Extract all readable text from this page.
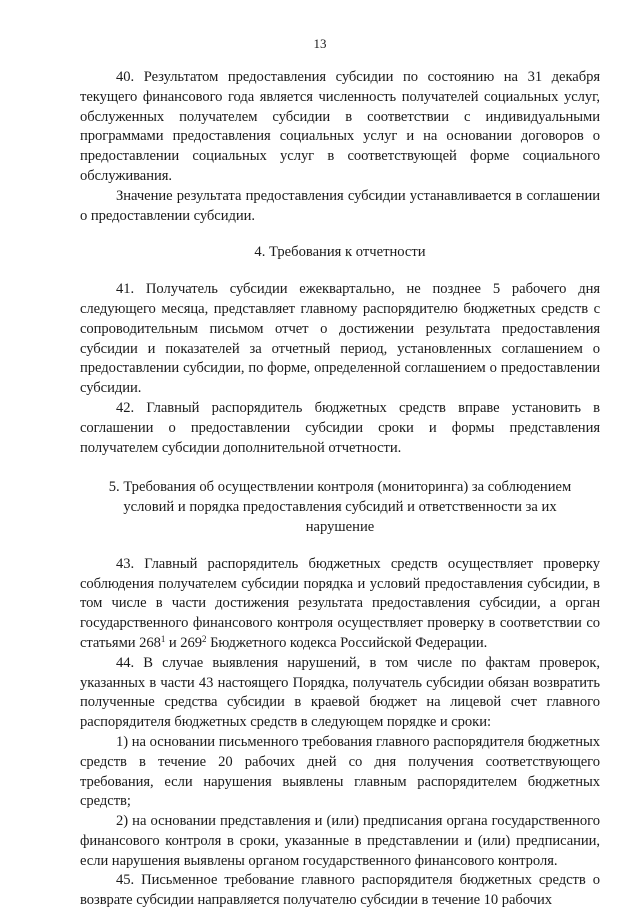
13

40. Результатом предоставления субсидии по состоянию на 31 декабря текущего финансового года является численность получателей социальных услуг, обслуженных получателем субсидии в соответствии с индивидуальными программами предоставления социальных услуг и на основании договоров о предоставлении социальных услуг в соответствующей форме социального обслуживания.

Значение результата предоставления субсидии устанавливается в соглашении о предоставлении субсидии.

4. Требования к отчетности

41. Получатель субсидии ежеквартально, не позднее 5 рабочего дня следующего месяца, представляет главному распорядителю бюджетных средств с сопроводительным письмом отчет о достижении результата предоставления субсидии и показателей за отчетный период, установленных соглашением о предоставлении субсидии, по форме, определенной соглашением о предоставлении субсидии.

42. Главный распорядитель бюджетных средств вправе установить в соглашении о предоставлении субсидии сроки и формы представления получателем субсидии дополнительной отчетности.

5. Требования об осуществлении контроля (мониторинга) за соблюдением условий и порядка предоставления субсидий и ответственности за их нарушение

43. Главный распорядитель бюджетных средств осуществляет проверку соблюдения получателем субсидии порядка и условий предоставления субсидии, в том числе в части достижения результата предоставления субсидии, а орган государственного финансового контроля осуществляет проверку в соответствии со статьями $268^1$ и $269^2$ Бюджетного кодекса Российской Федерации.

44. В случае выявления нарушений, в том числе по фактам проверок, указанных в части 43 настоящего Порядка, получатель субсидии обязан возвратить полученные средства субсидии в краевой бюджет на лицевой счет главного распорядителя бюджетных средств в следующем порядке и сроки:

1) на основании письменного требования главного распорядителя бюджетных средств в течение 20 рабочих дней со дня получения соответствующего требования, если нарушения выявлены главным распорядителем бюджетных средств;

2) на основании представления и (или) предписания органа государственного финансового контроля в сроки, указанные в представлении и (или) предписании, если нарушения выявлены органом государственного финансового контроля.

45. Письменное требование главного распорядителя бюджетных средств о возврате субсидии направляется получателю субсидии в течение 10 рабочих
